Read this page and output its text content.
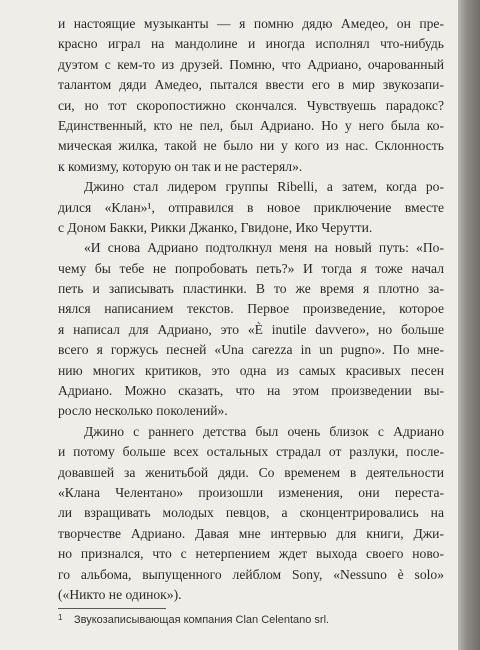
и настоящие музыканты — я помню дядю Амедео, он пре-
красно играл на мандолине и иногда исполнял что-нибудь
дуэтом с кем-то из друзей. Помню, что Адриано, очарованный
талантом дяди Амедео, пытался ввести его в мир звукозапи-
си, но тот скоропостижно скончался. Чувствуешь парадокс?
Единственный, кто не пел, был Адриано. Но у него была ко-
мическая жилка, такой не было ни у кого из нас. Склонность
к комизму, которую он так и не растерял».
Джино стал лидером группы Ribelli, а затем, когда ро-
дился «Клан»¹, отправился в новое приключение вместе
с Доном Бакки, Рикки Джанко, Гвидоне, Ико Черутти.
«И снова Адриано подтолкнул меня на новый путь: «По-
чему бы тебе не попробовать петь?» И тогда я тоже начал
петь и записывать пластинки. В то же время я плотно за-
нялся написанием текстов. Первое произведение, которое
я написал для Адриано, это «È inutile davvero», но больше
всего я горжусь песней «Una carezza in un pugno». По мне-
нию многих критиков, это одна из самых красивых песен
Адриано. Можно сказать, что на этом произведении вы-
росло несколько поколений».
Джино с раннего детства был очень близок с Адриано
и потому больше всех остальных страдал от разлуки, после-
довавшей за женитьбой дяди. Со временем в деятельности
«Клана Челентано» произошли изменения, они переста-
ли взращивать молодых певцов, а сконцентрировались на
творчестве Адриано. Давая мне интервью для книги, Джи-
но признался, что с нетерпением ждет выхода своего ново-
го альбома, выпущенного лейблом Sony, «Nessuno è solo»
(«Никто не одинок»).
1 Звукозаписывающая компания Clan Celentano srl.
